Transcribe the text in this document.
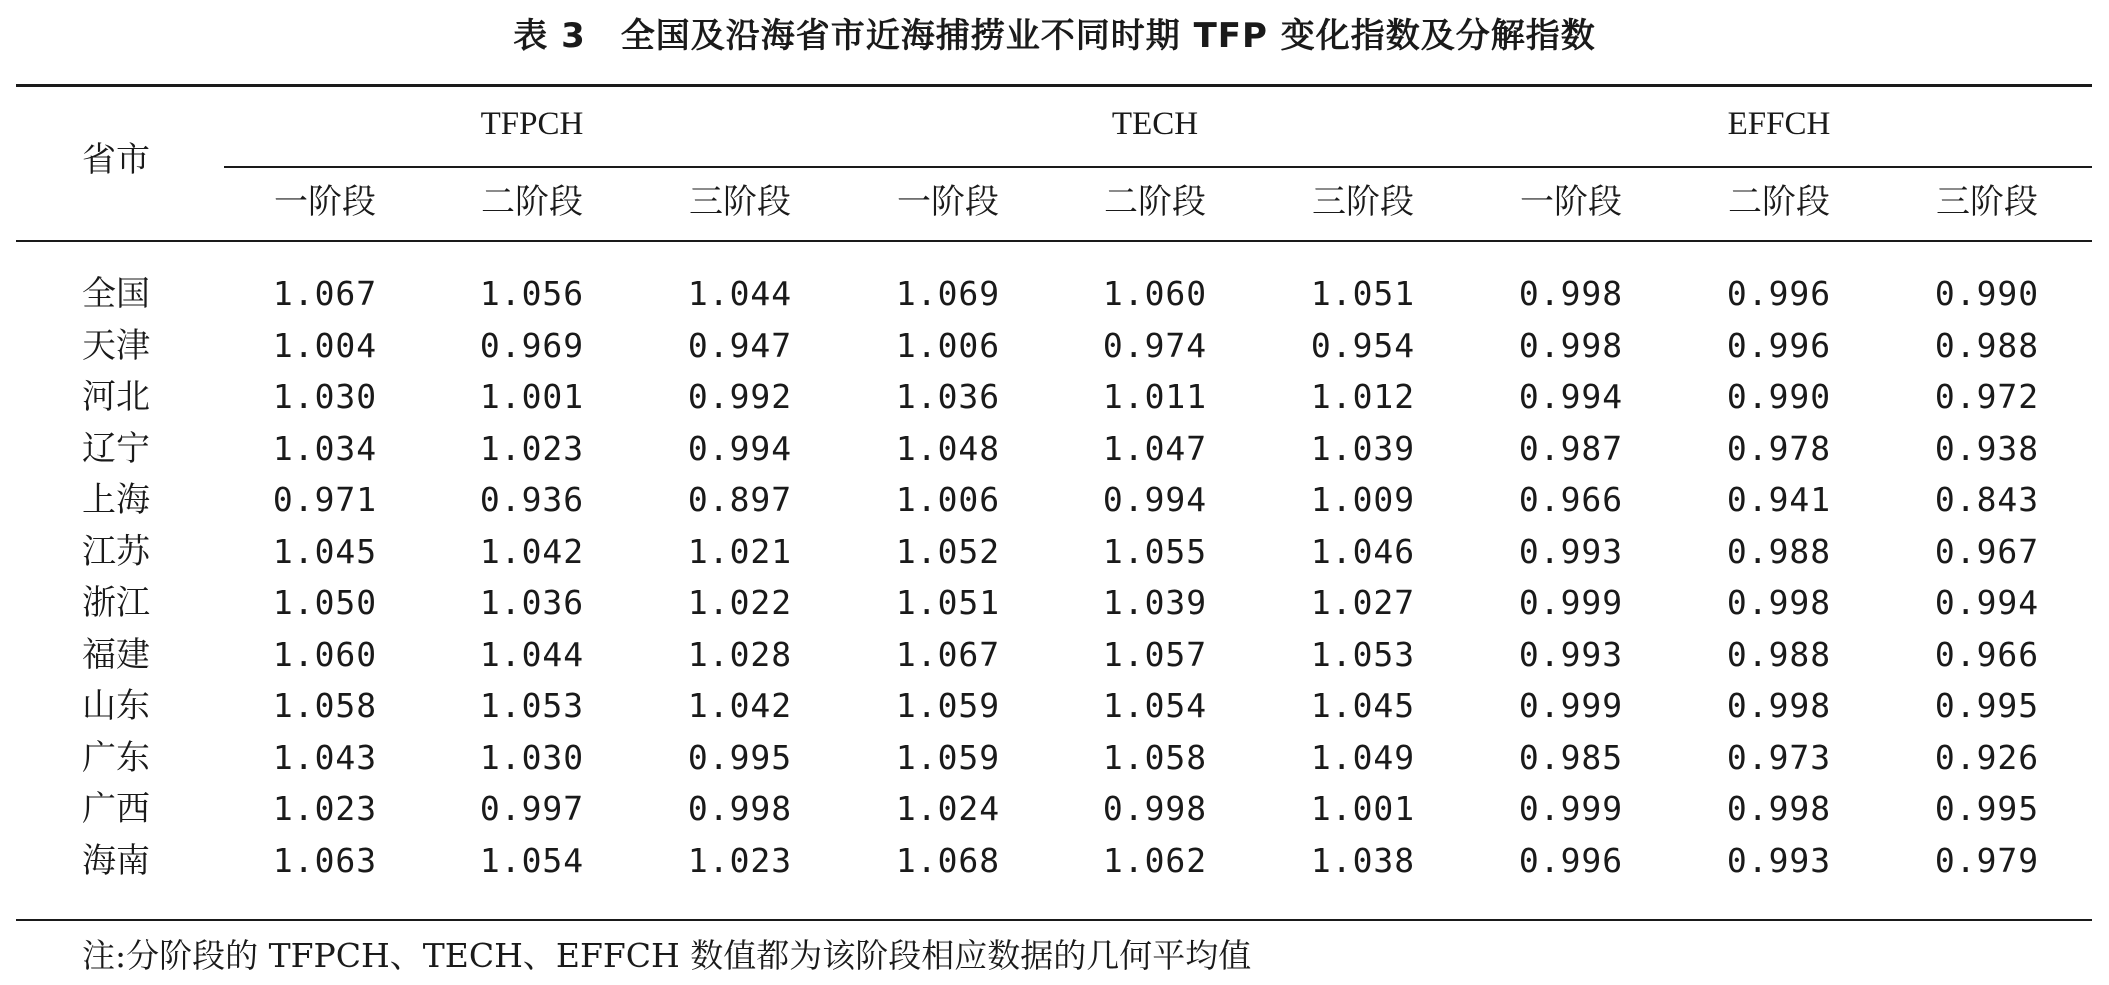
表 3　全国及沿海省市近海捕捞业不同时期 TFP 变化指数及分解指数
省市
TFPCH	TECH	EFFCH
一阶段	二阶段	三阶段	一阶段	二阶段	三阶段	一阶段	二阶段	三阶段
全国	1.067	1.056	1.044	1.069	1.060	1.051	0.998	0.996	0.990
天津	1.004	0.969	0.947	1.006	0.974	0.954	0.998	0.996	0.988
河北	1.030	1.001	0.992	1.036	1.011	1.012	0.994	0.990	0.972
辽宁	1.034	1.023	0.994	1.048	1.047	1.039	0.987	0.978	0.938
上海	0.971	0.936	0.897	1.006	0.994	1.009	0.966	0.941	0.843
江苏	1.045	1.042	1.021	1.052	1.055	1.046	0.993	0.988	0.967
浙江	1.050	1.036	1.022	1.051	1.039	1.027	0.999	0.998	0.994
福建	1.060	1.044	1.028	1.067	1.057	1.053	0.993	0.988	0.966
山东	1.058	1.053	1.042	1.059	1.054	1.045	0.999	0.998	0.995
广东	1.043	1.030	0.995	1.059	1.058	1.049	0.985	0.973	0.926
广西	1.023	0.997	0.998	1.024	0.998	1.001	0.999	0.998	0.995
海南	1.063	1.054	1.023	1.068	1.062	1.038	0.996	0.993	0.979
注:分阶段的 TFPCH、TECH、EFFCH 数值都为该阶段相应数据的几何平均值
